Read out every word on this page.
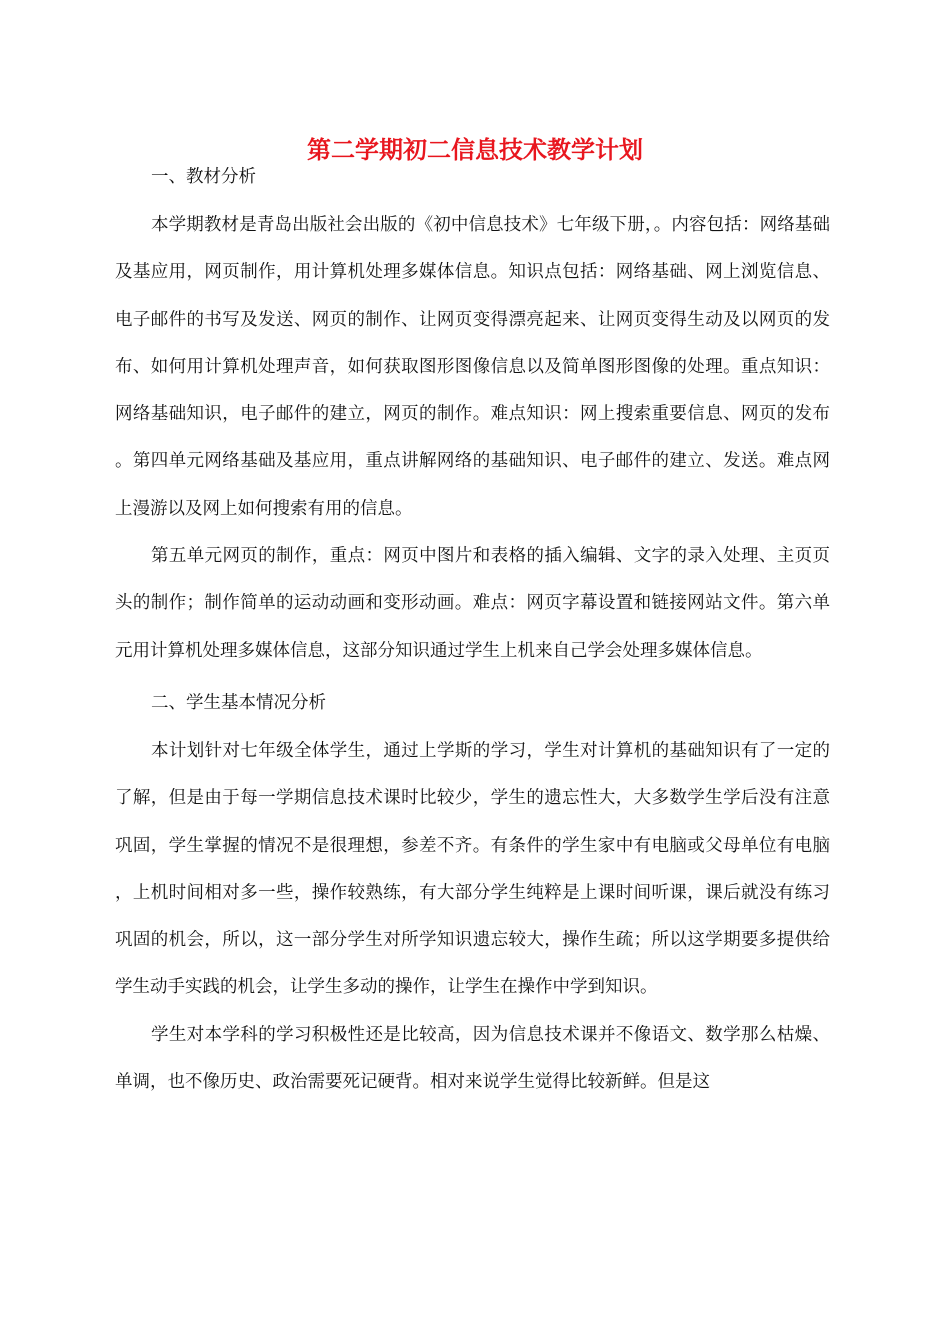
第二学期初二信息技术教学计划
一、教材分析

本学期教材是青岛出版社会出版的《初中信息技术》七年级下册，。内容包括：网络基础及基应用，网页制作，用计算机处理多媒体信息。知识点包括：网络基础、网上浏览信息、电子邮件的书写及发送、网页的制作、让网页变得漂亮起来、让网页变得生动及以网页的发布、如何用计算机处理声音，如何获取图形图像信息以及简单图形图像的处理。重点知识：网络基础知识，电子邮件的建立，网页的制作。难点知识：网上搜索重要信息、网页的发布。第四单元网络基础及基应用，重点讲解网络的基础知识、电子邮件的建立、发送。难点网上漫游以及网上如何搜索有用的信息。

第五单元网页的制作，重点：网页中图片和表格的插入编辑、文字的录入处理、主页页头的制作；制作简单的运动动画和变形动画。难点：网页字幕设置和链接网站文件。第六单元用计算机处理多媒体信息，这部分知识通过学生上机来自己学会处理多媒体信息。

二、学生基本情况分析

本计划针对七年级全体学生，通过上学斯的学习，学生对计算机的基础知识有了一定的了解，但是由于每一学期信息技术课时比较少，学生的遗忘性大，大多数学生学后没有注意巩固，学生掌握的情况不是很理想，参差不齐。有条件的学生家中有电脑或父母单位有电脑，上机时间相对多一些，操作较熟练，有大部分学生纯粹是上课时间听课，课后就没有练习巩固的机会，所以，这一部分学生对所学知识遗忘较大，操作生疏；所以这学期要多提供给学生动手实践的机会，让学生多动的操作，让学生在操作中学到知识。

学生对本学科的学习积极性还是比较高，因为信息技术课并不像语文、数学那么枯燥、单调，也不像历史、政治需要死记硬背。相对来说学生觉得比较新鲜。但是这
